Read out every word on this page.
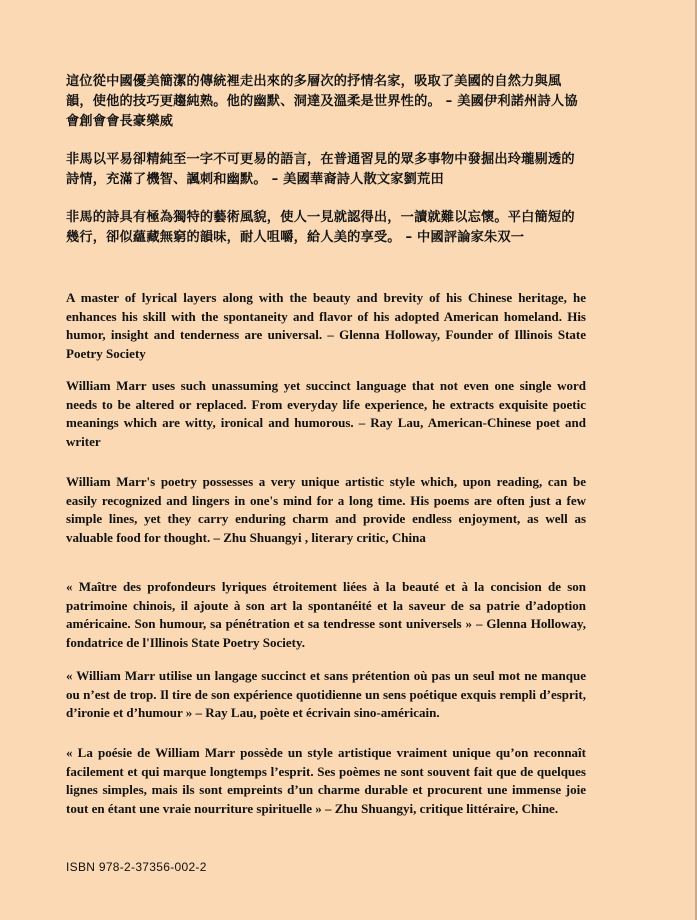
這位從中國優美簡潔的傳統裡走出來的多層次的抒情名家，吸取了美國的自然力與風韻，使他的技巧更趨純熟。他的幽默、洞達及溫柔是世界性的。 – 美國伊利諾州詩人協會創會會長豪樂威

非馬以平易卻精純至一字不可更易的語言，在普通習見的眾多事物中發掘出玲瓏剔透的詩情，充滿了機智、諷刺和幽默。 – 美國華裔詩人散文家劉荒田

非馬的詩具有極為獨特的藝術風貌，使人一見就認得出，一讀就難以忘懷。平白簡短的幾行，卻似蘊藏無窮的韻味，耐人咀嚼，給人美的享受。 – 中國評論家朱双一

A master of lyrical layers along with the beauty and brevity of his Chinese heritage, he enhances his skill with the spontaneity and flavor of his adopted American homeland. His humor, insight and tenderness are universal. – Glenna Holloway, Founder of Illinois State Poetry Society

William Marr uses such unassuming yet succinct language that not even one single word needs to be altered or replaced. From everyday life experience, he extracts exquisite poetic meanings which are witty, ironical and humorous. – Ray Lau, American-Chinese poet and writer

William Marr's poetry possesses a very unique artistic style which, upon reading, can be easily recognized and lingers in one's mind for a long time. His poems are often just a few simple lines, yet they carry enduring charm and provide endless enjoyment, as well as valuable food for thought. – Zhu Shuangyi , literary critic, China

« Maître des profondeurs lyriques étroitement liées à la beauté et à la concision de son patrimoine chinois, il ajoute à son art la spontanéité et la saveur de sa patrie d’adoption américaine. Son humour, sa pénétration et sa tendresse sont universels » – Glenna Holloway, fondatrice de l'Illinois State Poetry Society.

« William Marr utilise un langage succinct et sans prétention où pas un seul mot ne manque ou n’est de trop. Il tire de son expérience quotidienne un sens poétique exquis rempli d’esprit, d’ironie et d’humour » – Ray Lau, poète et écrivain sino-américain.

« La poésie de William Marr possède un style artistique vraiment unique qu’on reconnaît facilement et qui marque longtemps l’esprit. Ses poèmes ne sont souvent fait que de quelques lignes simples, mais ils sont empreints d’un charme durable et procurent une immense joie tout en étant une vraie nourriture spirituelle » – Zhu Shuangyi, critique littéraire, Chine.

ISBN 978-2-37356-002-2
